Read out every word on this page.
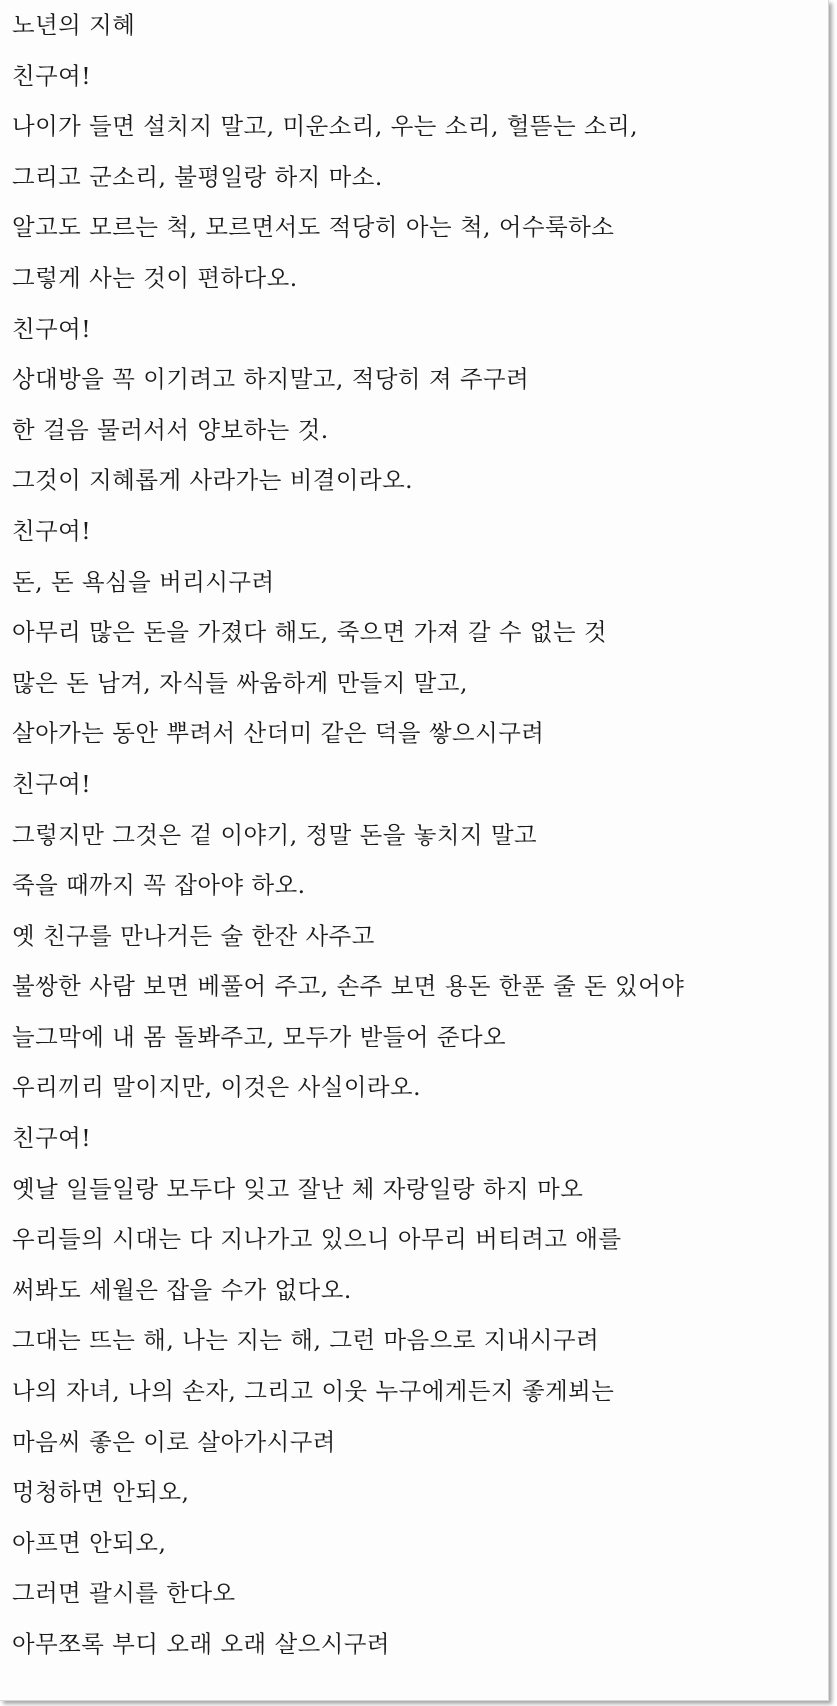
노년의 지혜
친구여!
나이가 들면 설치지 말고, 미운소리, 우는 소리, 헐뜯는 소리,
그리고 군소리, 불평일랑 하지 마소.
알고도 모르는 척, 모르면서도 적당히 아는 척, 어수룩하소
그렇게 사는 것이 편하다오.
친구여!
상대방을 꼭 이기려고 하지말고, 적당히 져 주구려
한 걸음 물러서서 양보하는 것.
그것이 지혜롭게 사라가는 비결이라오.
친구여!
돈, 돈 욕심을 버리시구려
아무리 많은 돈을 가졌다 해도, 죽으면 가져 갈 수 없는 것
많은 돈 남겨, 자식들 싸움하게 만들지 말고,
살아가는 동안 뿌려서 산더미 같은 덕을 쌓으시구려
친구여!
그렇지만 그것은 겉 이야기, 정말 돈을 놓치지 말고
죽을 때까지 꼭 잡아야 하오.
옛 친구를 만나거든 술 한잔 사주고
불쌍한 사람 보면 베풀어 주고, 손주 보면 용돈 한푼 줄 돈 있어야
늘그막에 내 몸 돌봐주고, 모두가 받들어 준다오
우리끼리 말이지만, 이것은 사실이라오.
친구여!
옛날 일들일랑 모두다 잊고 잘난 체 자랑일랑 하지 마오
우리들의 시대는 다 지나가고 있으니 아무리 버티려고 애를
써봐도 세월은 잡을 수가 없다오.
그대는 뜨는 해, 나는 지는 해, 그런 마음으로 지내시구려
나의 자녀, 나의 손자, 그리고 이웃 누구에게든지 좋게뵈는
마음씨 좋은 이로 살아가시구려
멍청하면 안되오,
아프면 안되오,
그러면 괄시를 한다오
아무쪼록 부디 오래 오래 살으시구려
